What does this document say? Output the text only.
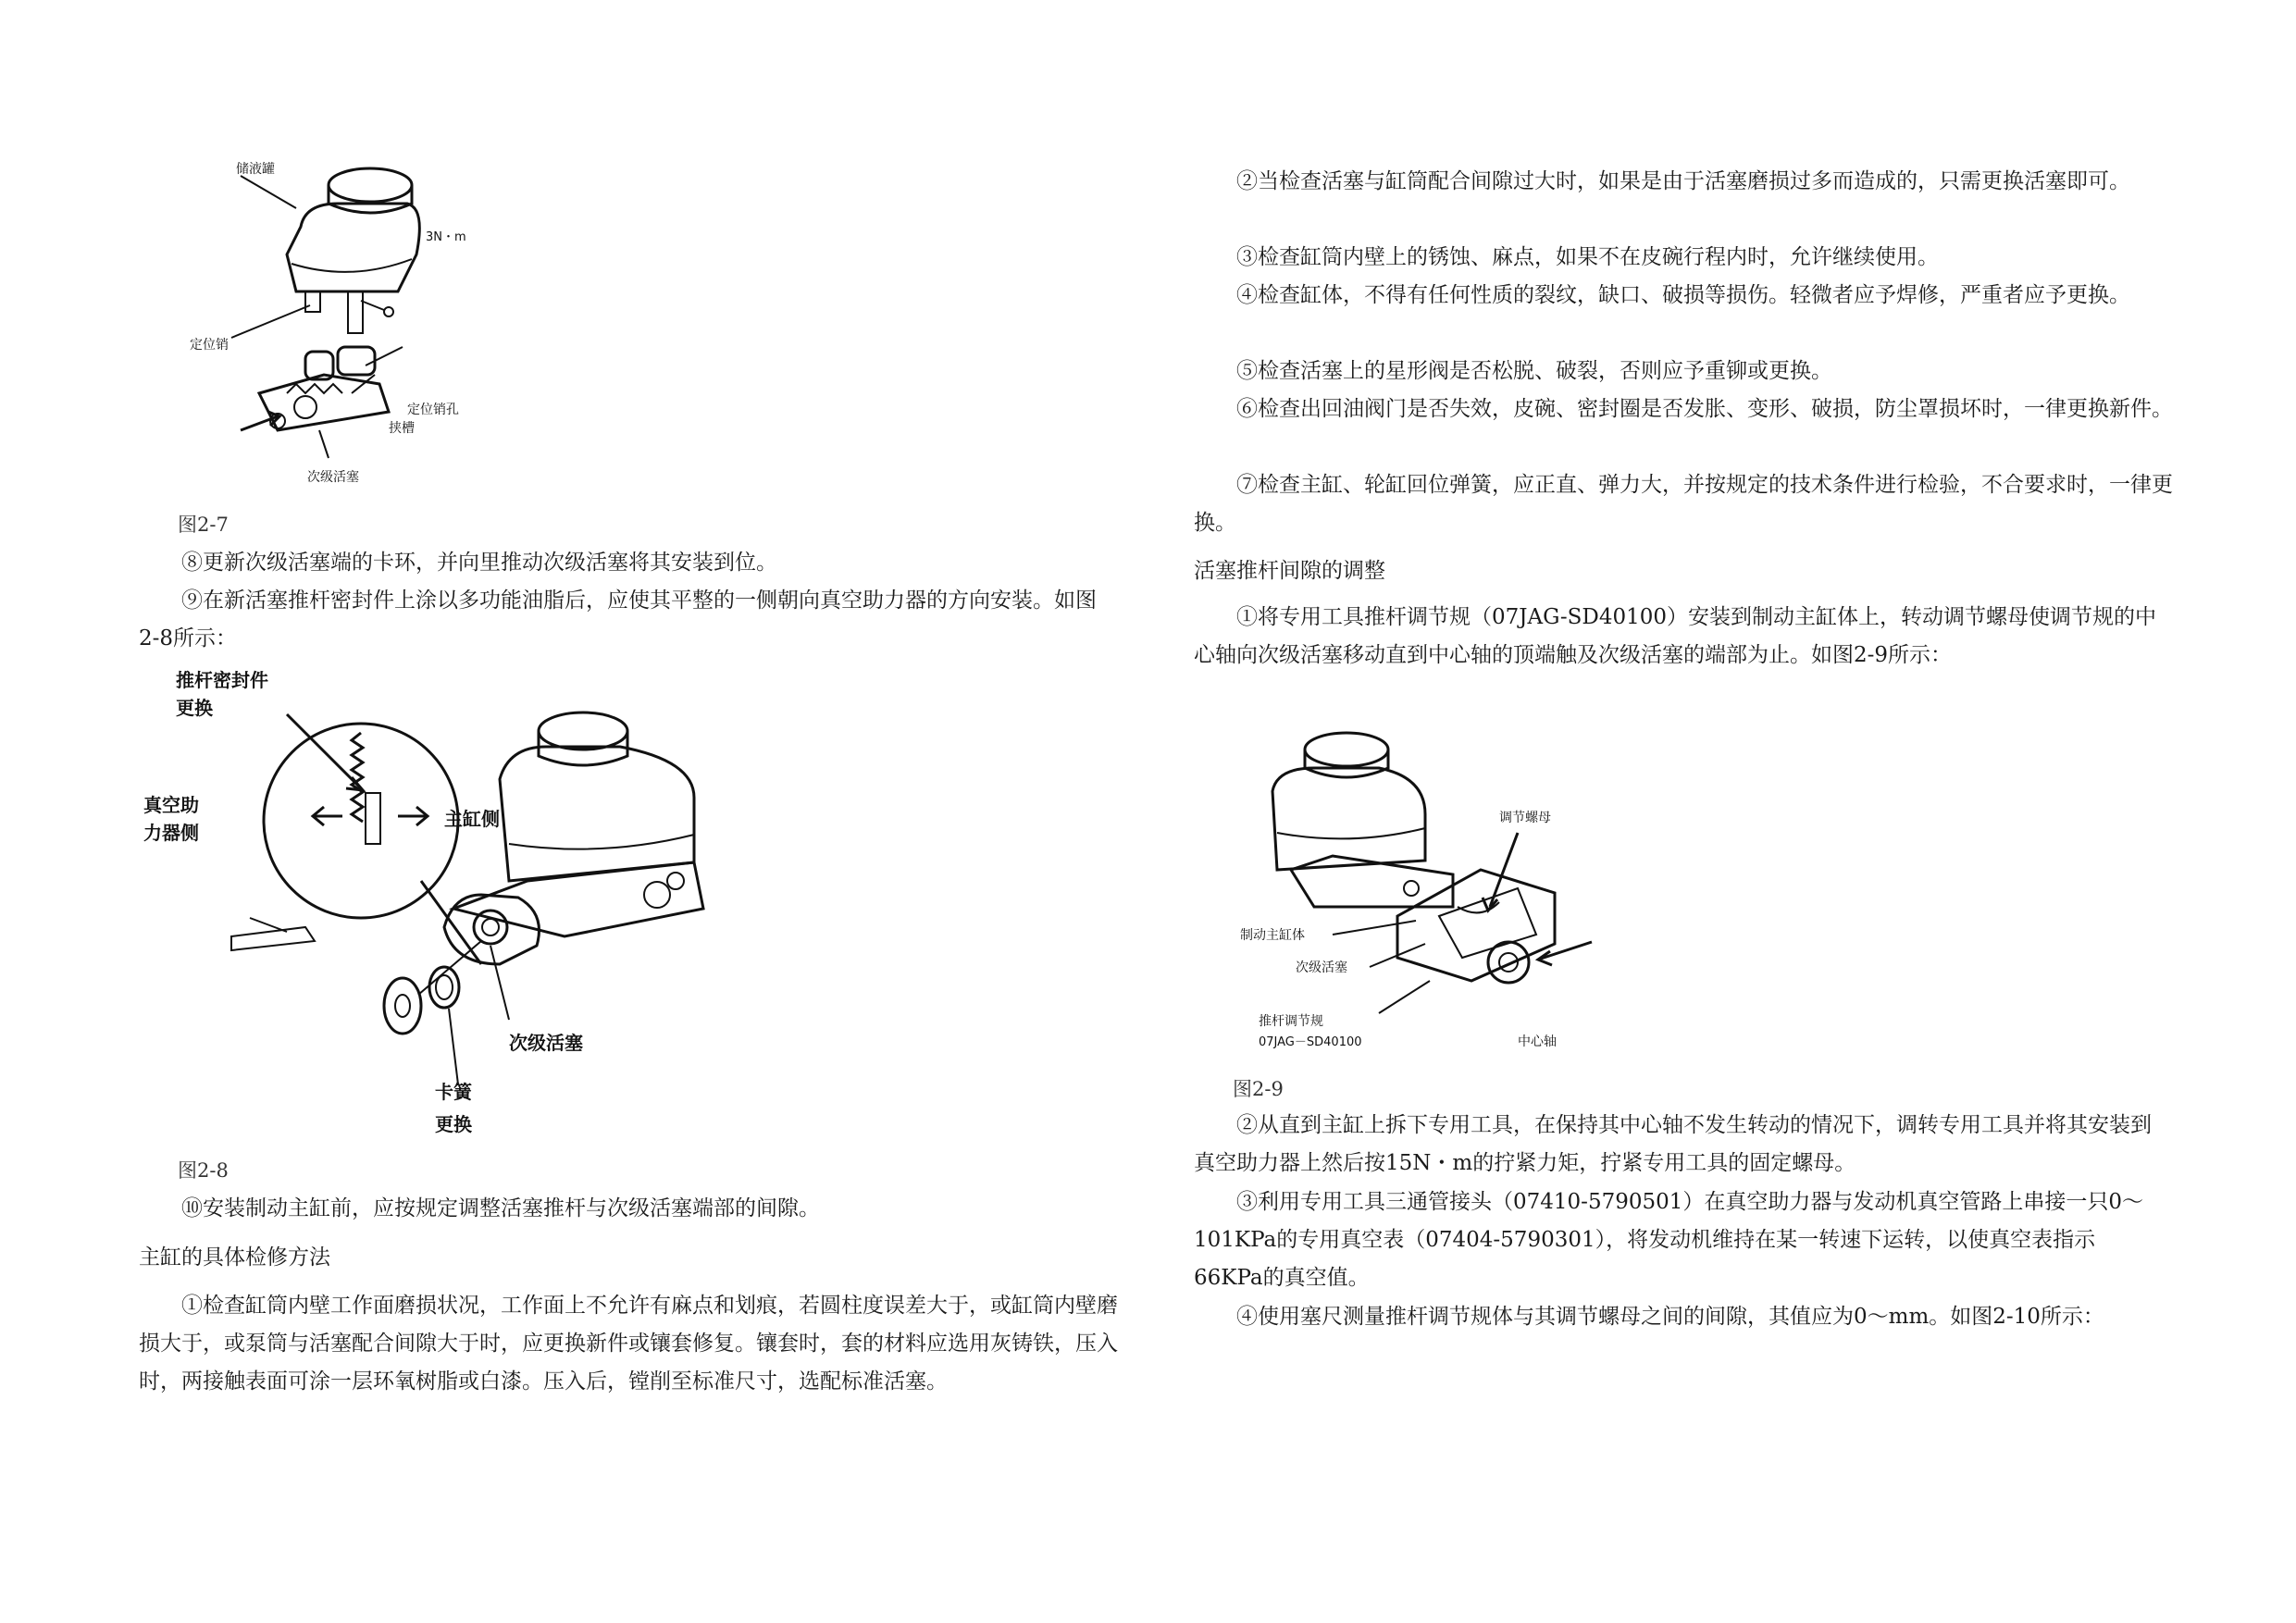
储液罐
3N・m
定位销
定位销孔
挟槽
次级活塞

图2-7

⑧更新次级活塞端的卡环，并向里推动次级活塞将其安装到位。

⑨在新活塞推杆密封件上涂以多功能油脂后，应使其平整的一侧朝向真空助力器的方向安装。如图2-8所示：

推杆密封件
更换
真空助
力器侧
主缸侧
次级活塞
卡簧
更换

图2-8

⑩安装制动主缸前，应按规定调整活塞推杆与次级活塞端部的间隙。

主缸的具体检修方法

①检查缸筒内壁工作面磨损状况，工作面上不允许有麻点和划痕，若圆柱度误差大于，或缸筒内壁磨损大于，或泵筒与活塞配合间隙大于时，应更换新件或镶套修复。镶套时，套的材料应选用灰铸铁，压入时，两接触表面可涂一层环氧树脂或白漆。压入后，镗削至标准尺寸，选配标准活塞。

②当检查活塞与缸筒配合间隙过大时，如果是由于活塞磨损过多而造成的，只需更换活塞即可。

③检查缸筒内壁上的锈蚀、麻点，如果不在皮碗行程内时，允许继续使用。

④检查缸体，不得有任何性质的裂纹，缺口、破损等损伤。轻微者应予焊修，严重者应予更换。

⑤检查活塞上的星形阀是否松脱、破裂，否则应予重铆或更换。

⑥检查出回油阀门是否失效，皮碗、密封圈是否发胀、变形、破损，防尘罩损坏时，一律更换新件。

⑦检查主缸、轮缸回位弹簧，应正直、弹力大，并按规定的技术条件进行检验，不合要求时，一律更换。

活塞推杆间隙的调整

①将专用工具推杆调节规（07JAG-SD40100）安装到制动主缸体上，转动调节螺母使调节规的中心轴向次级活塞移动直到中心轴的顶端触及次级活塞的端部为止。如图2-9所示：

调节螺母
制动主缸体
次级活塞
推杆调节规
07JAG－SD40100	中心轴

图2-9

②从直到主缸上拆下专用工具，在保持其中心轴不发生转动的情况下，调转专用工具并将其安装到真空助力器上然后按15N・m的拧紧力矩，拧紧专用工具的固定螺母。

③利用专用工具三通管接头（07410-5790501）在真空助力器与发动机真空管路上串接一只0～101KPa的专用真空表（07404-5790301），将发动机维持在某一转速下运转，以使真空表指示66KPa的真空值。

④使用塞尺测量推杆调节规体与其调节螺母之间的间隙，其值应为0～mm。如图2-10所示：
